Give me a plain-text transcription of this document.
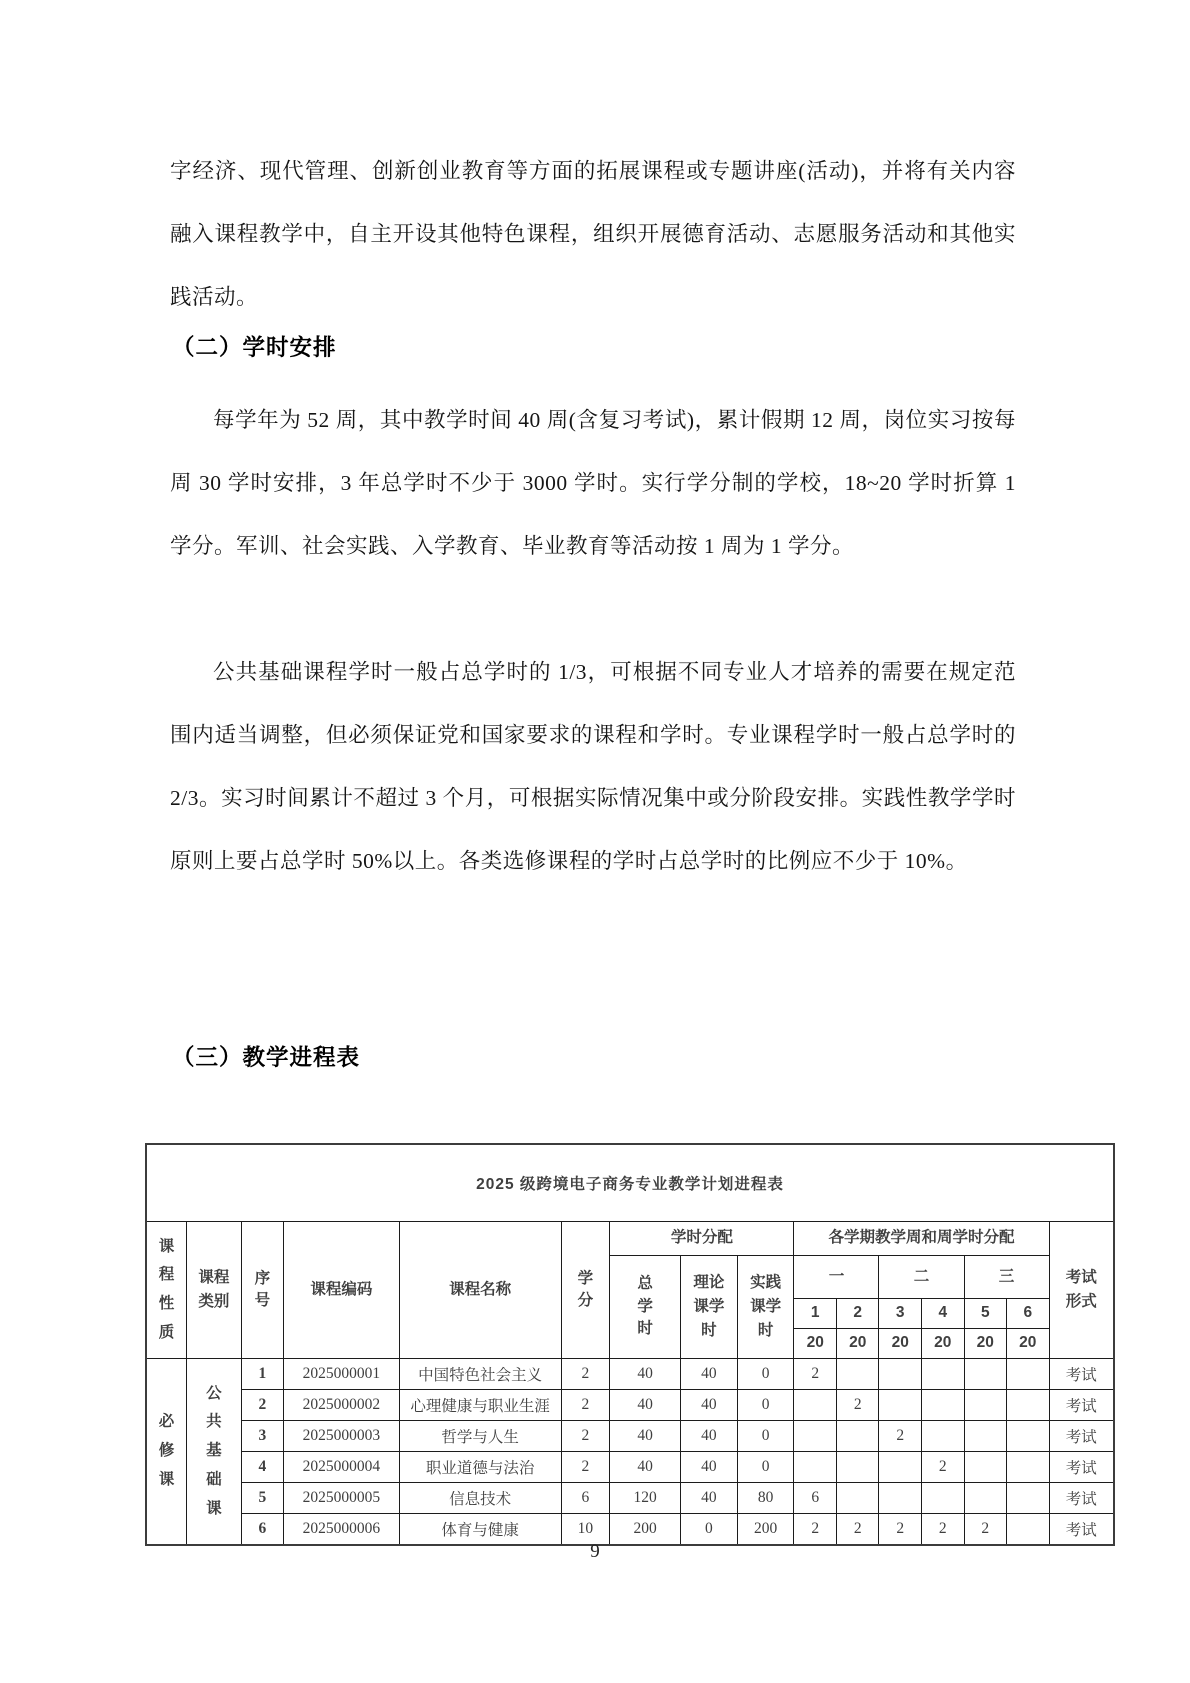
字经济、现代管理、创新创业教育等方面的拓展课程或专题讲座(活动)，并将有关内容融入课程教学中，自主开设其他特色课程，组织开展德育活动、志愿服务活动和其他实践活动。

（二）学时安排

每学年为 52 周，其中教学时间 40 周(含复习考试)，累计假期 12 周，岗位实习按每周 30 学时安排，3 年总学时不少于 3000 学时。实行学分制的学校，18~20 学时折算 1 学分。军训、社会实践、入学教育、毕业教育等活动按 1 周为 1 学分。

公共基础课程学时一般占总学时的 1/3，可根据不同专业人才培养的需要在规定范围内适当调整，但必须保证党和国家要求的课程和学时。专业课程学时一般占总学时的 2/3。实习时间累计不超过 3 个月，可根据实际情况集中或分阶段安排。实践性教学学时原则上要占总学时 50%以上。各类选修课程的学时占总学时的比例应不少于 10%。

（三）教学进程表
2025 级跨境电子商务专业教学计划进程表															
课程性质	课程类别	序号	课程编码	课程名称	学分	学时分配			各学期教学周和周学时分配						考试形式
						总学时	理论课学时	实践课学时	一		二		三		
									1	2	3	4	5	6	
									20	20	20	20	20	20	
必修课	公共基础课	1	2025000001	中国特色社会主义	2	40	40	0	2						考试
		2	2025000002	心理健康与职业生涯	2	40	40	0		2					考试
		3	2025000003	哲学与人生	2	40	40	0			2				考试
		4	2025000004	职业道德与法治	2	40	40	0				2			考试
		5	2025000005	信息技术	6	120	40	80	6						考试
		6	2025000006	体育与健康	10	200	0	200	2	2	2	2	2		考试
9
